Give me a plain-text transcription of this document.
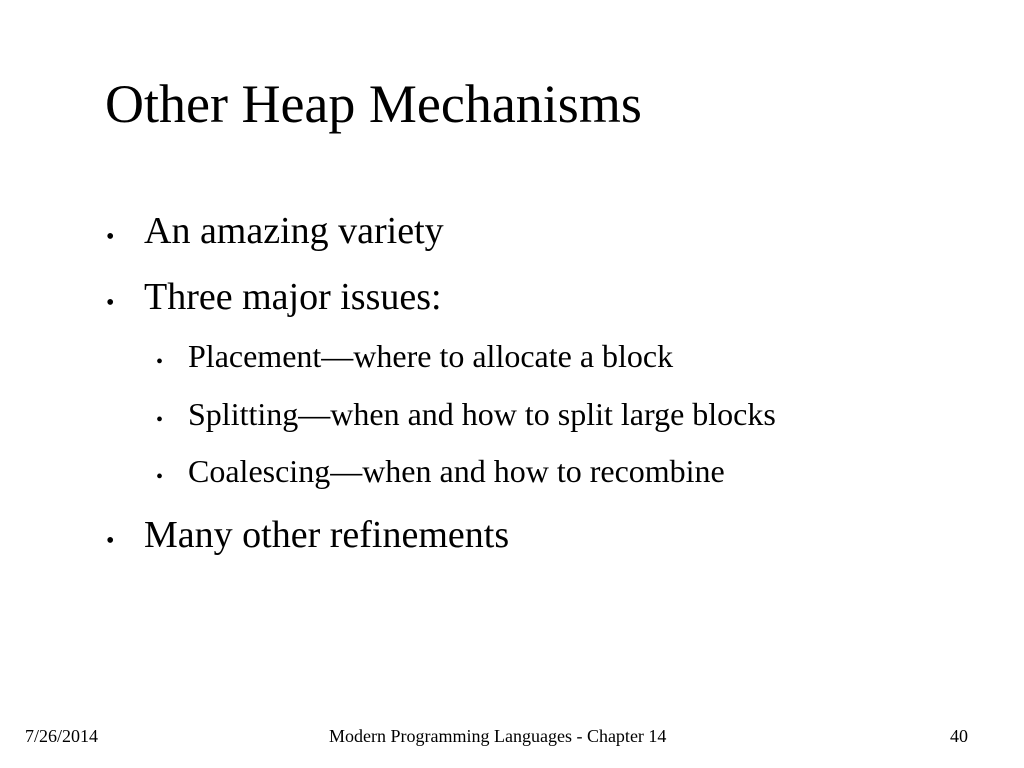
Other Heap Mechanisms
• An amazing variety
• Three major issues:
• Placement—where to allocate a block
• Splitting—when and how to split large blocks
• Coalescing—when and how to recombine
• Many other refinements
7/26/2014	Modern Programming Languages - Chapter 14	40
